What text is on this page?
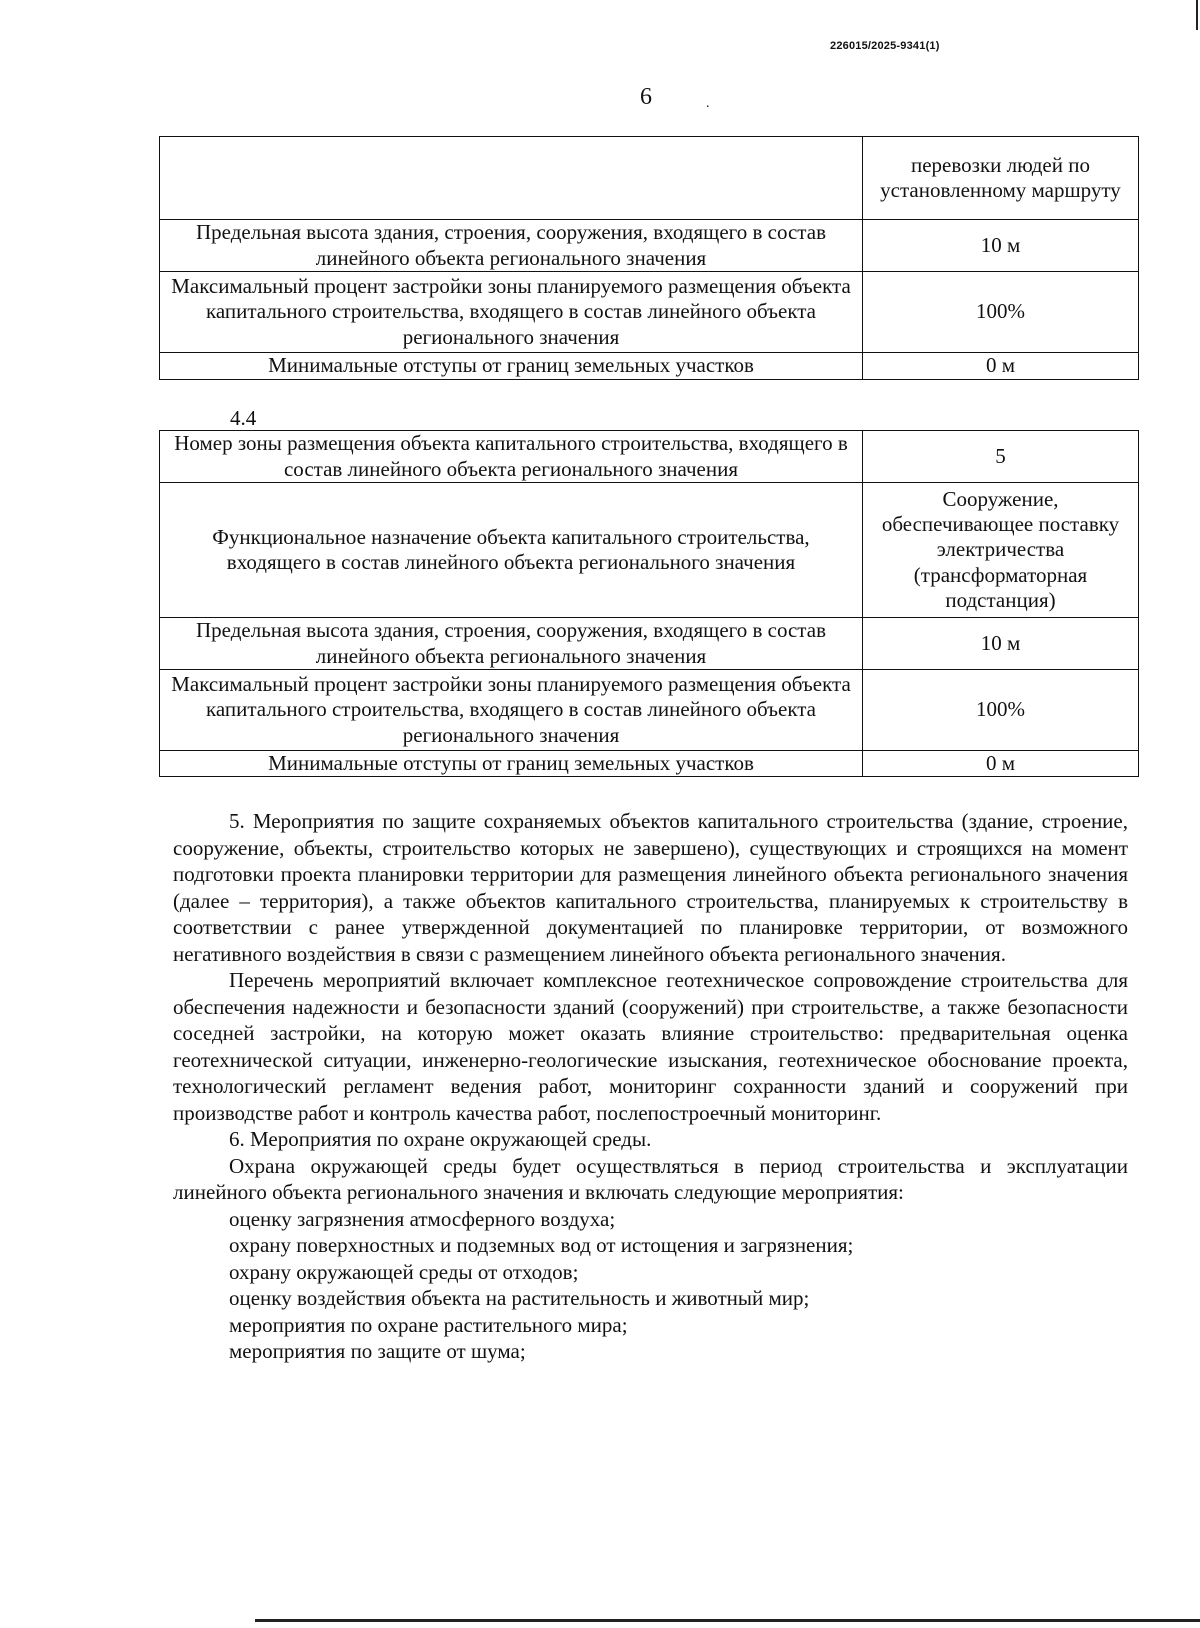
226015/2025-9341(1)
6	.
	перевозки людей по установленному маршруту
Предельная высота здания, строения, сооружения, входящего в состав линейного объекта регионального значения	10 м
Максимальный процент застройки зоны планируемого размещения объекта капитального строительства, входящего в состав линейного объекта регионального значения	100%
Минимальные отступы от границ земельных участков	0 м
4.4
Номер зоны размещения объекта капитального строительства, входящего в состав линейного объекта регионального значения	5
Функциональное назначение объекта капитального строительства, входящего в состав линейного объекта регионального значения	Сооружение, обеспечивающее поставку электричества (трансформаторная подстанция)
Предельная высота здания, строения, сооружения, входящего в состав линейного объекта регионального значения	10 м
Максимальный процент застройки зоны планируемого размещения объекта капитального строительства, входящего в состав линейного объекта регионального значения	100%
Минимальные отступы от границ земельных участков	0 м

5. Мероприятия по защите сохраняемых объектов капитального строительства (здание, строение, сооружение, объекты, строительство которых не завершено), существующих и строящихся на момент подготовки проекта планировки территории для размещения линейного объекта регионального значения (далее – территория), а также объектов капитального строительства, планируемых к строительству в соответствии с ранее утвержденной документацией по планировке территории, от возможного негативного воздействия в связи с размещением линейного объекта регионального значения.

Перечень мероприятий включает комплексное геотехническое сопровождение строительства для обеспечения надежности и безопасности зданий (сооружений) при строительстве, а также безопасности соседней застройки, на которую может оказать влияние строительство: предварительная оценка геотехнической ситуации, инженерно-геологические изыскания, геотехническое обоснование проекта, технологический регламент ведения работ, мониторинг сохранности зданий и сооружений при производстве работ и контроль качества работ, послепостроечный мониторинг.

6. Мероприятия по охране окружающей среды.

Охрана окружающей среды будет осуществляться в период строительства и эксплуатации линейного объекта регионального значения и включать следующие мероприятия:

оценку загрязнения атмосферного воздуха;
охрану поверхностных и подземных вод от истощения и загрязнения;
охрану окружающей среды от отходов;
оценку воздействия объекта на растительность и животный мир;
мероприятия по охране растительного мира;
мероприятия по защите от шума;
